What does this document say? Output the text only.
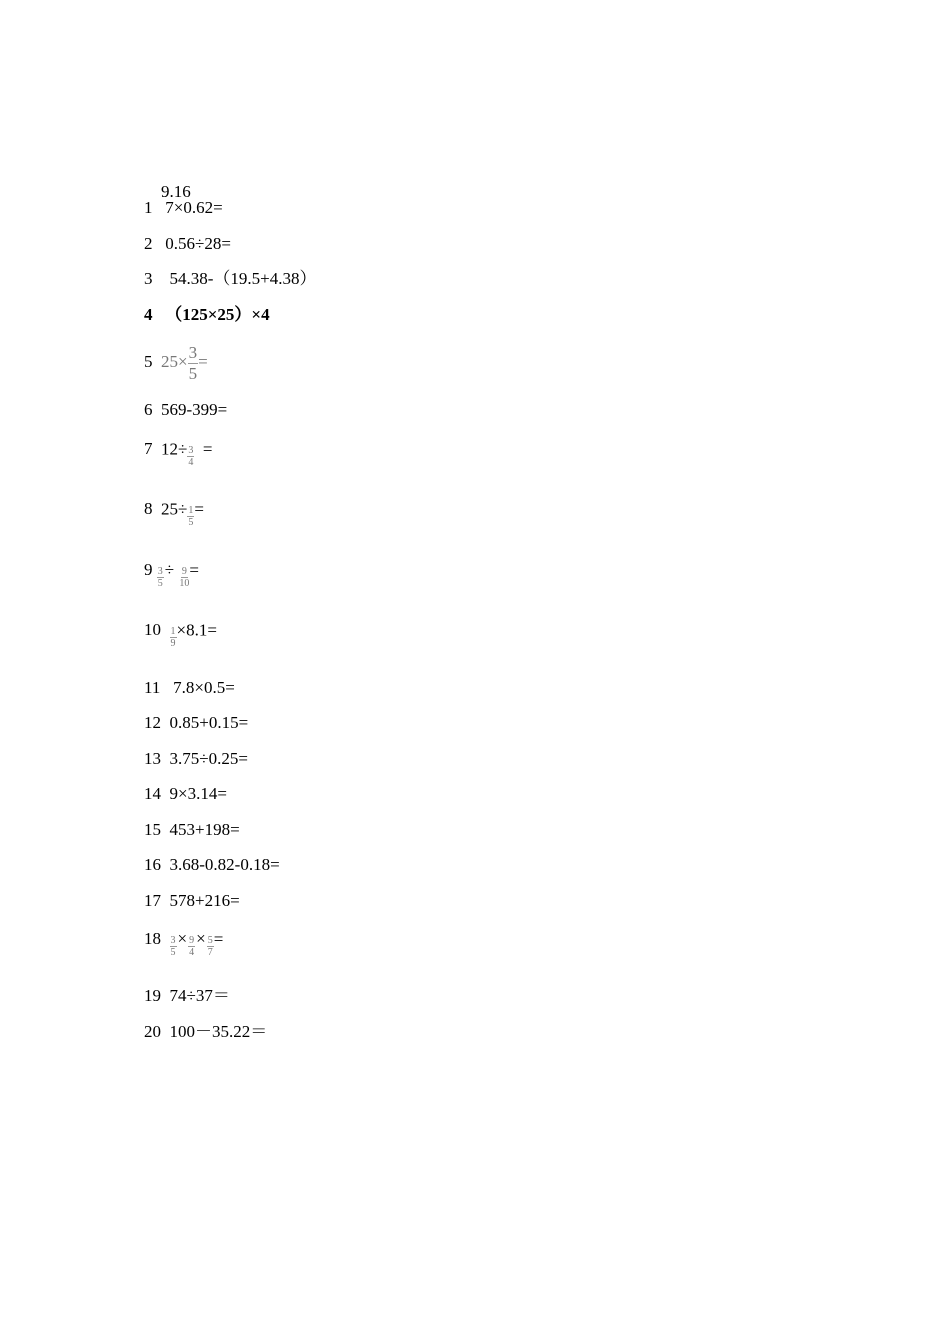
9.16

1 7×0.62=
2 0.56÷28=
3 54.38-（19.5+4.38）
4 （125×25）×4
5 $25\times \frac{3}{5}$ =
6 569-399=
7 $12\div \frac{3}{4}$ =
8 $25\div \frac{1}{5}$ =
$9 \frac{3}{5} \div \frac{9}{10}$ =
$10 \frac{1}{9} \times 8.1=$
11 7.8×0.5=
12 0.85+0.15=
13 3.75÷0.25=
14 9×3.14=
15 453+198=
16 3.68-0.82-0.18=
17 578+216=
$18 \frac{3}{5} \times \frac{9}{4} \times \frac{5}{7}$ =
19 74÷37＝
20 100－35.22＝
